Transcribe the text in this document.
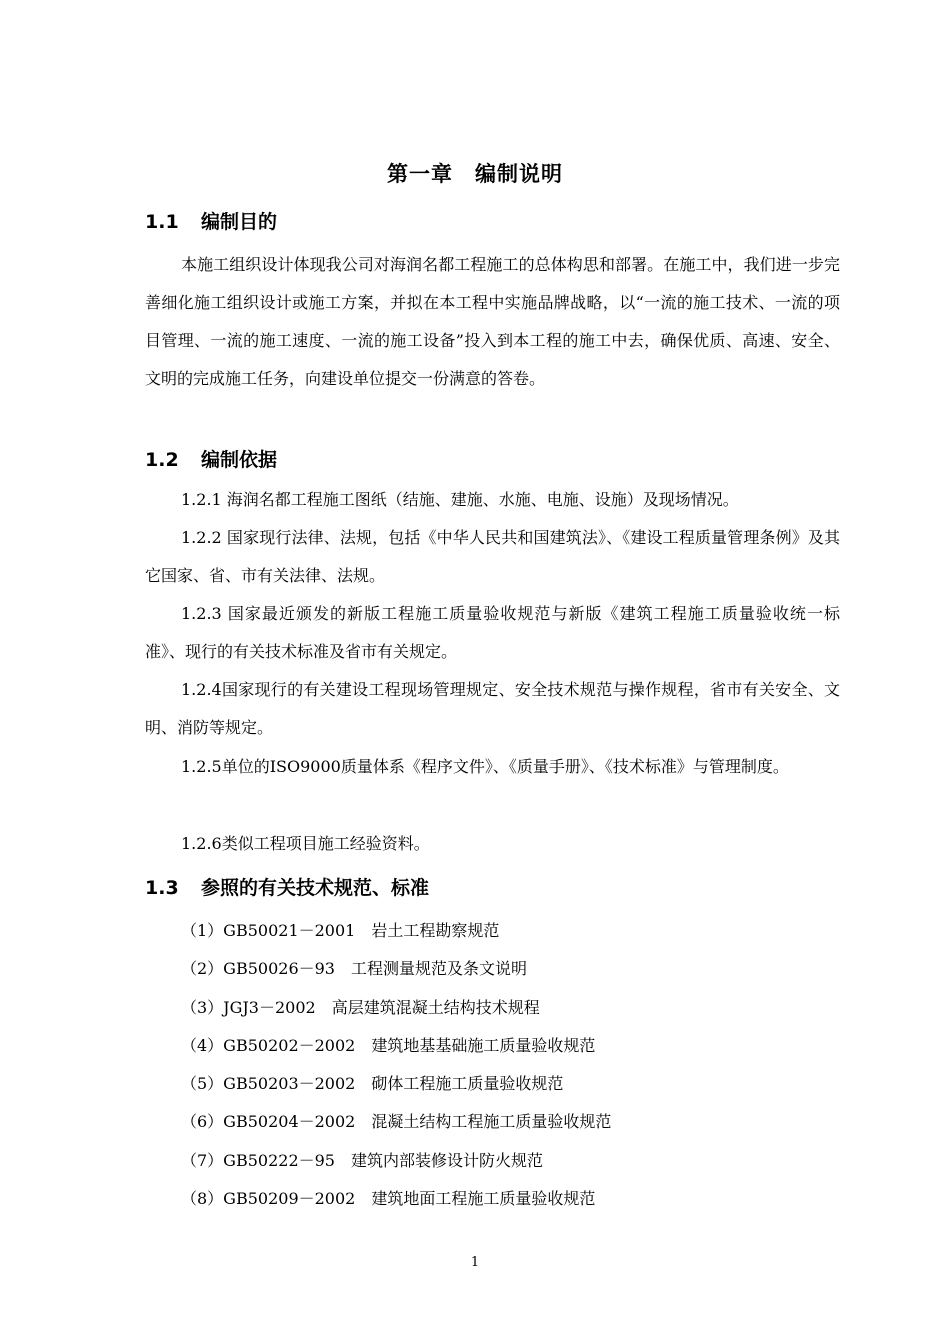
第一章　编制说明
1.1 编制目的

本施工组织设计体现我公司对海润名都工程施工的总体构思和部署。在施工中，我们进一步完善细化施工组织设计或施工方案，并拟在本工程中实施品牌战略，以“一流的施工技术、一流的项目管理、一流的施工速度、一流的施工设备”投入到本工程的施工中去，确保优质、高速、安全、文明的完成施工任务，向建设单位提交一份满意的答卷。

1.2 编制依据

1.2.1 海润名都工程施工图纸（结施、建施、水施、电施、设施）及现场情况。

1.2.2 国家现行法律、法规，包括《中华人民共和国建筑法》、《建设工程质量管理条例》及其它国家、省、市有关法律、法规。

1.2.3 国家最近颁发的新版工程施工质量验收规范与新版《建筑工程施工质量验收统一标准》、现行的有关技术标准及省市有关规定。

1.2.4国家现行的有关建设工程现场管理规定、安全技术规范与操作规程，省市有关安全、文明、消防等规定。

1.2.5单位的ISO9000质量体系《程序文件》、《质量手册》、《技术标准》与管理制度。

1.2.6类似工程项目施工经验资料。

1.3 参照的有关技术规范、标准
（1）GB50021－2001　岩土工程勘察规范
（2）GB50026－93　工程测量规范及条文说明
（3）JGJ3－2002　高层建筑混凝土结构技术规程
（4）GB50202－2002　建筑地基基础施工质量验收规范
（5）GB50203－2002　砌体工程施工质量验收规范
（6）GB50204－2002　混凝土结构工程施工质量验收规范
（7）GB50222－95　建筑内部装修设计防火规范
（8）GB50209－2002　建筑地面工程施工质量验收规范
1
